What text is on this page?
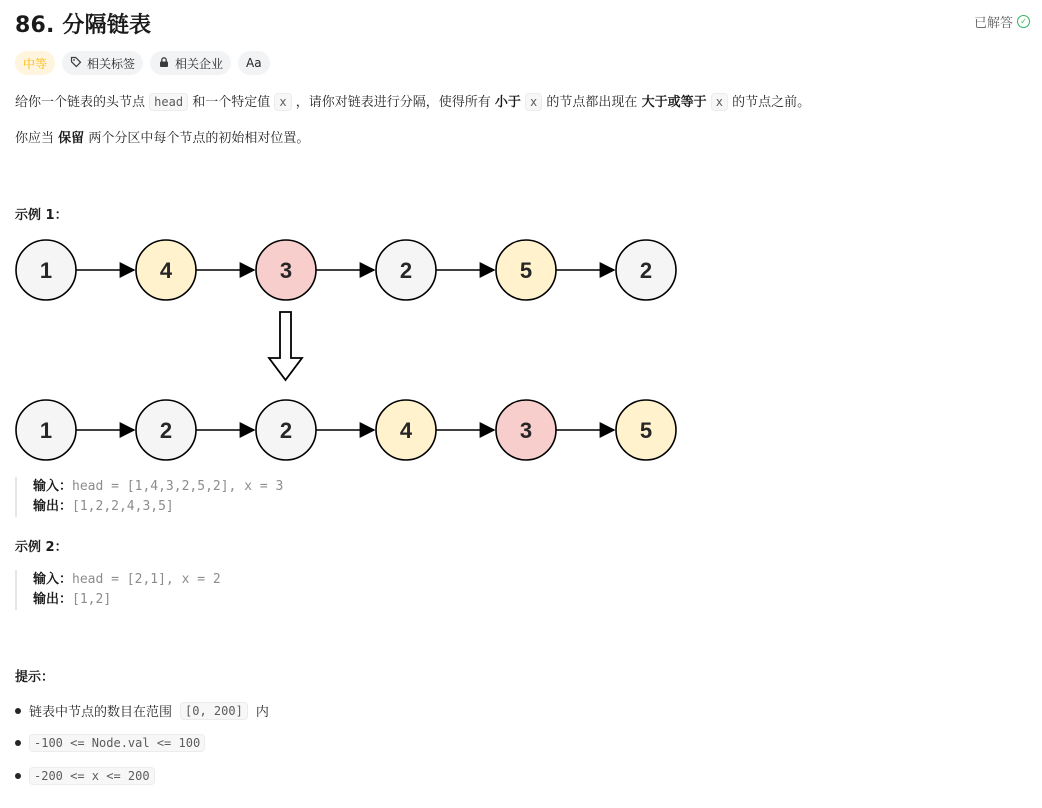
86. 分隔链表	已解答 ✓
中等	相关标签	相关企业 Aa
给你一个链表的头节点 head 和一个特定值 x ，请你对链表进行分隔，使得所有 小于 x 的节点都出现在 大于或等于 x 的节点之前。
你应当 保留 两个分区中每个节点的初始相对位置。
示例 1：
1	4	3	2	5	2
1	2	2	4	3	5
输入：head = [1,4,3,2,5,2], x = 3
输出：[1,2,2,4,3,5]
示例 2：
输入：head = [2,1], x = 2
输出：[1,2]
提示：
链表中节点的数目在范围	[0, 200]	内
-100 <= Node.val <= 100
-200 <= x <= 200
